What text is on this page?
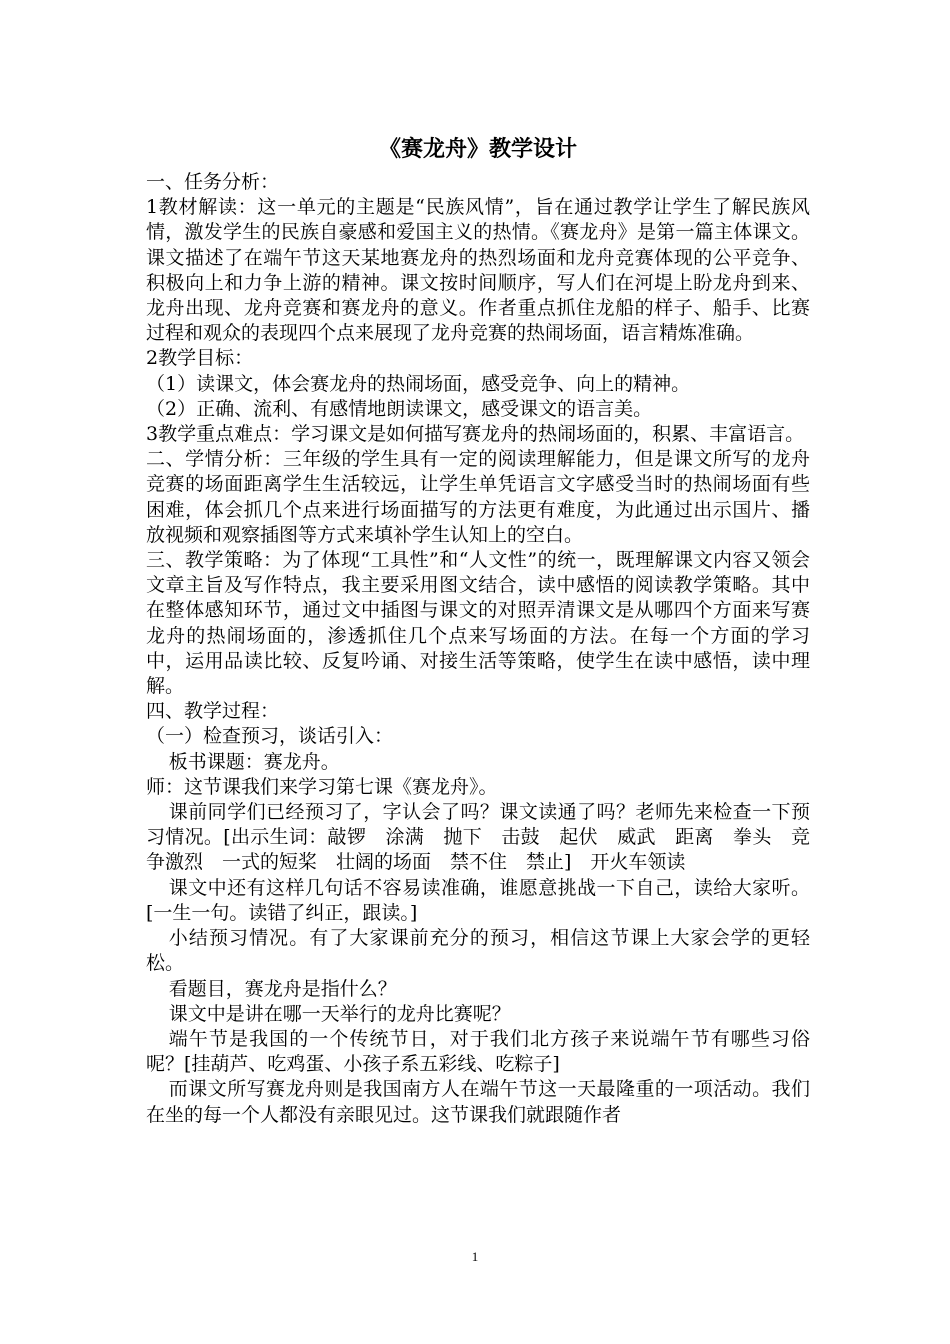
《赛龙舟》教学设计

一、任务分析：

1教材解读：这一单元的主题是“民族风情”，旨在通过教学让学生了解民族风情，激发学生的民族自豪感和爱国主义的热情。《赛龙舟》是第一篇主体课文。课文描述了在端午节这天某地赛龙舟的热烈场面和龙舟竞赛体现的公平竞争、积极向上和力争上游的精神。课文按时间顺序，写人们在河堤上盼龙舟到来、龙舟出现、龙舟竞赛和赛龙舟的意义。作者重点抓住龙船的样子、船手、比赛过程和观众的表现四个点来展现了龙舟竞赛的热闹场面，语言精炼准确。

2教学目标：

（1）读课文，体会赛龙舟的热闹场面，感受竞争、向上的精神。

（2）正确、流利、有感情地朗读课文，感受课文的语言美。

3教学重点难点：学习课文是如何描写赛龙舟的热闹场面的，积累、丰富语言。

二、学情分析：三年级的学生具有一定的阅读理解能力，但是课文所写的龙舟竞赛的场面距离学生生活较远，让学生单凭语言文字感受当时的热闹场面有些困难，体会抓几个点来进行场面描写的方法更有难度，为此通过出示国片、播放视频和观察插图等方式来填补学生认知上的空白。

三、教学策略：为了体现“工具性”和“人文性”的统一，既理解课文内容又领会文章主旨及写作特点，我主要采用图文结合，读中感悟的阅读教学策略。其中在整体感知环节，通过文中插图与课文的对照弄清课文是从哪四个方面来写赛龙舟的热闹场面的，渗透抓住几个点来写场面的方法。在每一个方面的学习中，运用品读比较、反复吟诵、对接生活等策略，使学生在读中感悟，读中理解。

四、教学过程：

（一）检查预习，谈话引入：

板书课题：赛龙舟。

师：这节课我们来学习第七课《赛龙舟》。

课前同学们已经预习了，字认会了吗？课文读通了吗？老师先来检查一下预习情况。[出示生词：敲锣　涂满　抛下　击鼓　起伏　威武　距离　拳头　竞争激烈　一式的短桨　壮阔的场面　禁不住　禁止]　开火车领读

课文中还有这样几句话不容易读准确，谁愿意挑战一下自己，读给大家听。[一生一句。读错了纠正，跟读。]

小结预习情况。有了大家课前充分的预习，相信这节课上大家会学的更轻松。

看题目，赛龙舟是指什么？

课文中是讲在哪一天举行的龙舟比赛呢？

端午节是我国的一个传统节日，对于我们北方孩子来说端午节有哪些习俗呢？[挂葫芦、吃鸡蛋、小孩子系五彩线、吃粽子]

而课文所写赛龙舟则是我国南方人在端午节这一天最隆重的一项活动。我们在坐的每一个人都没有亲眼见过。这节课我们就跟随作者

1
